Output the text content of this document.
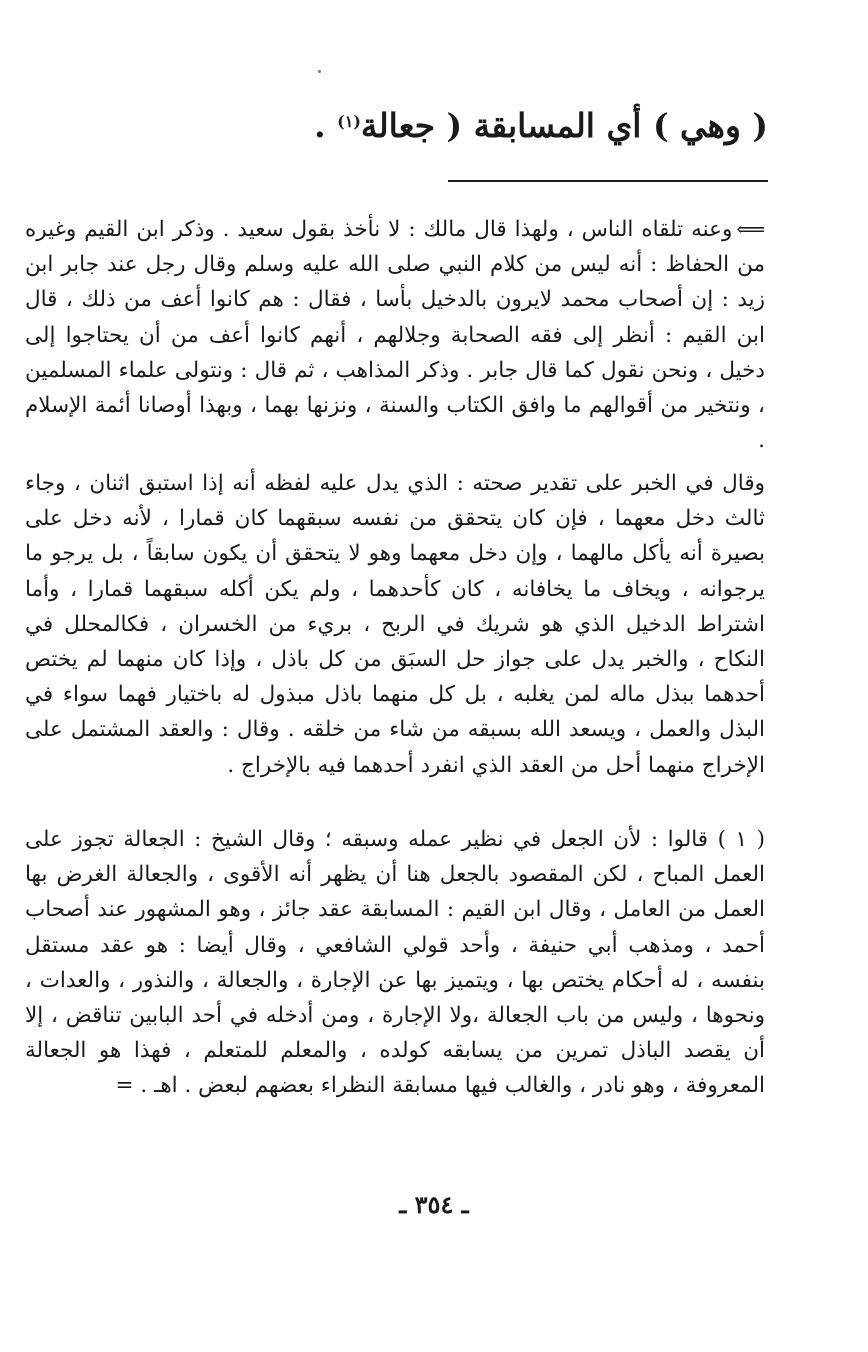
( وهي ) أي المسابقة ( جعالة$^{(١)}$ .
⟸وعنه تلقاه الناس ، ولهذا قال مالك : لا نأخذ بقول سعيد . وذكر ابن القيم وغيره من الحفاظ : أنه ليس من كلام النبي صلى الله عليه وسلم وقال رجل عند جابر ابن زيد : إن أصحاب محمد لايرون بالدخيل بأسا ، فقال : هم كانوا أعف من ذلك ، قال ابن القيم : أنظر إلى فقه الصحابة وجلالهم ، أنهم كانوا أعف من أن يحتاجوا إلى دخيل ، ونحن نقول كما قال جابر . وذكر المذاهب ، ثم قال : ونتولى علماء المسلمين ، ونتخير من أقوالهم ما وافق الكتاب والسنة ، ونزنها بهما ، وبهذا أوصانا أئمة الإسلام .
وقال في الخبر على تقدير صحته : الذي يدل عليه لفظه أنه إذا استبق اثنان ، وجاء ثالث دخل معهما ، فإن كان يتحقق من نفسه سبقهما كان قمارا ، لأنه دخل على بصيرة أنه يأكل مالهما ، وإن دخل معهما وهو لا يتحقق أن يكون سابقاً ، بل يرجو ما يرجوانه ، ويخاف ما يخافانه ، كان كأحدهما ، ولم يكن أكله سبقهما قمارا ، وأما اشتراط الدخيل الذي هو شريك في الربح ، بريء من الخسران ، فكالمحلل في النكاح ، والخبر يدل على جواز حل السبَق من كل باذل ، وإذا كان منهما لم يختص أحدهما ببذل ماله لمن يغلبه ، بل كل منهما باذل مبذول له باختيار فهما سواء في البذل والعمل ، ويسعد الله بسبقه من شاء من خلقه . وقال : والعقد المشتمل على الإخراج منهما أحل من العقد الذي انفرد أحدهما فيه بالإخراج .
( ١ ) قالوا : لأن الجعل في نظير عمله وسبقه ؛ وقال الشيخ : الجعالة تجوز على العمل المباح ، لكن المقصود بالجعل هنا أن يظهر أنه الأقوى ، والجعالة الغرض بها العمل من العامل ، وقال ابن القيم : المسابقة عقد جائز ، وهو المشهور عند أصحاب أحمد ، ومذهب أبي حنيفة ، وأحد قولي الشافعي ، وقال أيضا : هو عقد مستقل بنفسه ، له أحكام يختص بها ، ويتميز بها عن الإجارة ، والجعالة ، والنذور ، والعدات ، ونحوها ، وليس من باب الجعالة ،ولا الإجارة ، ومن أدخله في أحد البابين تناقض ، إلا أن يقصد الباذل تمرين من يسابقه كولده ، والمعلم للمتعلم ، فهذا هو الجعالة المعروفة ، وهو نادر ، والغالب فيها مسابقة النظراء بعضهم لبعض . اهـ . =
ـ ٣٥٤ ـ
